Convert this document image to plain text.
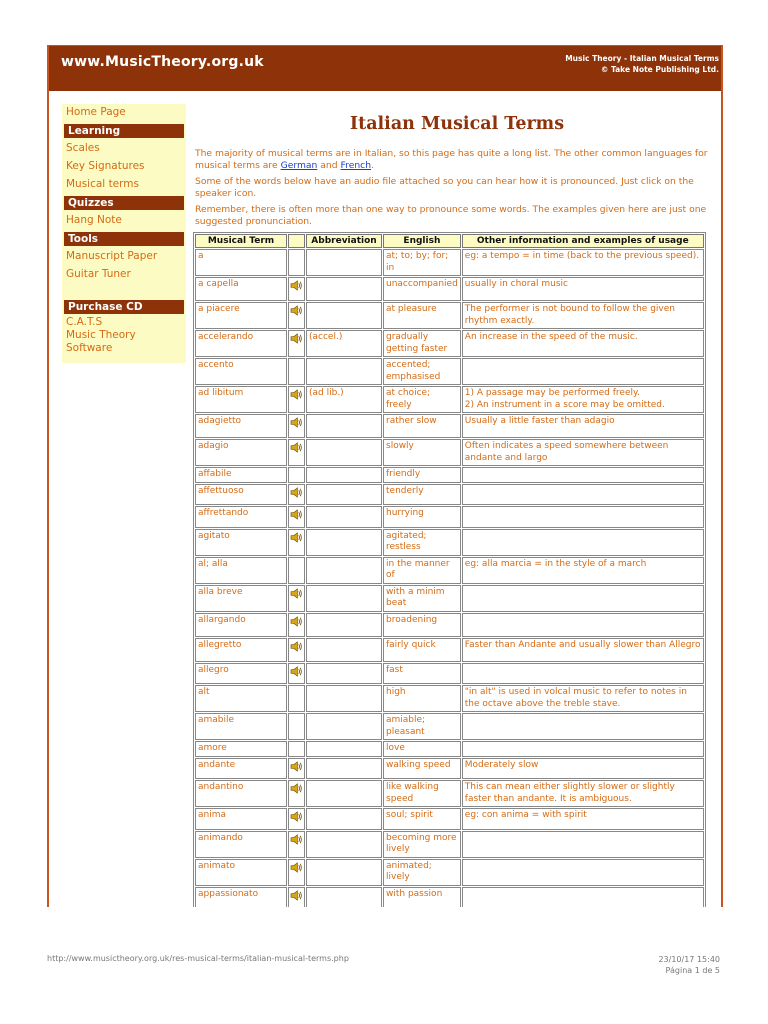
www.MusicTheory.org.uk	Music Theory - Italian Musical Terms
© Take Note Publishing Ltd.
Home Page
Learning
Scales
Key Signatures
Musical terms
Quizzes
Hang Note
Tools
Manuscript Paper
Guitar Tuner
Purchase CD
C.A.T.S
Music Theory
Software
Italian Musical Terms

The majority of musical terms are in Italian, so this page has quite a long list. The other common languages for musical terms are German and French.

Some of the words below have an audio file attached so you can hear how it is pronounced. Just click on the speaker icon.

Remember, there is often more than one way to pronounce some words. The examples given here are just one suggested pronunciation.

Musical Term		Abbreviation	English	Other information and examples of usage
a			at; to; by; for; in	eg: a tempo = in time (back to the previous speed).
a capella			unaccompanied	usually in choral music
a piacere			at pleasure	The performer is not bound to follow the given rhythm exactly.
accelerando		(accel.)	gradually getting faster	An increase in the speed of the music.
accento			accented; emphasised	
ad libitum		(ad lib.)	at choice; freely	1) A passage may be performed freely.
2) An instrument in a score may be omitted.
adagietto			rather slow	Usually a little faster than adagio
adagio			slowly	Often indicates a speed somewhere between andante and largo
affabile			friendly	
affettuoso			tenderly	
affrettando			hurrying	
agitato			agitated; restless	
al; alla			in the manner of	eg: alla marcia = in the style of a march
alla breve			with a minim beat	
allargando			broadening	
allegretto			fairly quick	Faster than Andante and usually slower than Allegro
allegro			fast	
alt			high	"in alt" is used in volcal music to refer to notes in the octave above the treble stave.
amabile			amiable; pleasant	
amore			love	
andante			walking speed	Moderately slow
andantino			like walking speed	This can mean either slightly slower or slightly faster than andante. It is ambiguous.
anima			soul; spirit	eg: con anima = with spirit
animando			becoming more lively	
animato			animated; lively	
appassionato			with passion	

http://www.musictheory.org.uk/res-musical-terms/italian-musical-terms.php	23/10/17 15:40
Página 1 de 5
